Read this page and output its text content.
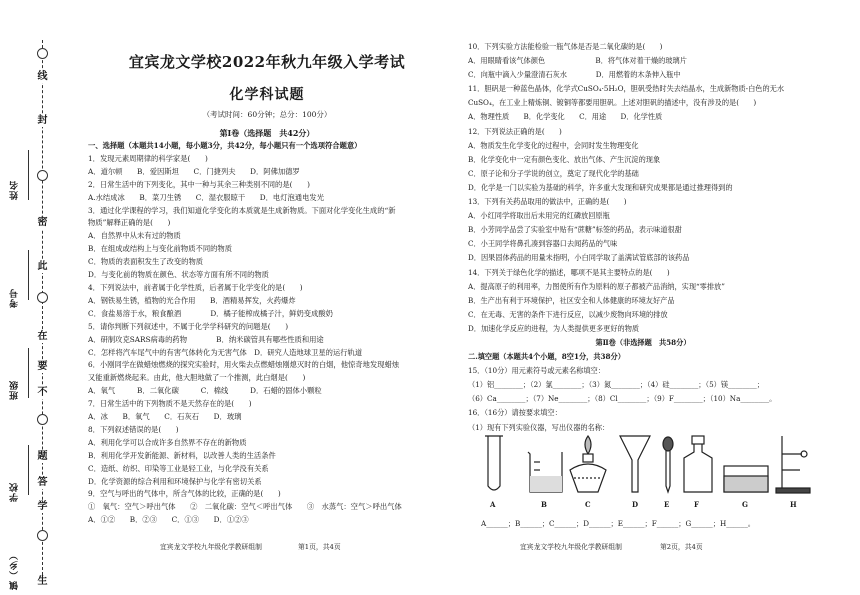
线
封
密
此
在
要
不
题
答
学
生
姓名
考号
班级
学校
镇（乡）
宜宾龙文学校2022年秋九年级入学考试
化学科试题
（考试时间：60分钟；总分：100分）
第Ⅰ卷（选择题　共42分）
一、选择题（本题共14小题，每小题3分，共42分，每小题只有一个选项符合题意）
1．发现元素周期律的科学家是(　　)
A．道尔顿　　B．爱因斯坦　　C．门捷列夫　　D．阿佛加德罗
2．日常生活中的下列变化，其中一种与其余三种类别不同的是(　　)
A.水结成冰　　B．菜刀生锈　　C．湿衣服晾干　　D．电灯泡通电发光
3．通过化学课程的学习，我们知道化学变化的本质就是生成新物质。下面对化学变化生成的“新
物质”解释正确的是(　　)
A．自然界中从未有过的物质
B．在组成或结构上与变化前物质不同的物质
C．物质的表面积发生了改变的物质
D．与变化前的物质在颜色、状态等方面有所不同的物质
4．下列说法中，前者属于化学性质，后者属于化学变化的是(　　)
A．钢铁易生锈，植物的光合作用　　B．酒精易挥发，火药爆炸
C．食盐易溶于水，粮食酿酒　　　　D．橘子能榨成橘子汁，鲜奶变成酸奶
5．请你判断下列叙述中，不属于化学学科研究的问题是(　　)
A．研制攻克SARS病毒的药物　　　　B．纳米碳管具有哪些性质和用途
C．怎样将汽车尾气中的有害气体转化为无害气体　D．研究人造地球卫星的运行轨道
6．小刚同学在做蜡烛燃烧的探究实验时，用火柴去点燃蜡烛刚熄灭时的白烟，他惊奇地发现蜡烛
又能重新燃烧起来。由此，他大胆地做了一个推测，此白烟是(　　)
A．氧气　　　B．二氧化碳　　　C．棉线　　　D．石蜡的固体小颗粒
7．日常生活中的下列物质不是天然存在的是(　　)
A．冰　　B．氧气　　C．石灰石　　D．玻璃
8．下列叙述错误的是(　　)
A．利用化学可以合成许多自然界不存在的新物质
B．利用化学开发新能源、新材料，以改善人类的生活条件
C．造纸、纺织、印染等工业是轻工业，与化学没有关系
D．化学资源的综合利用和环境保护与化学有密切关系
9．空气与呼出的气体中，所含气体的比较，正确的是(　　)
①　氧气：空气＞呼出气体　　②　二氧化碳：空气＜呼出气体　　③　水蒸气：空气＞呼出气体
A．①②　　B．②③　　C．①③　　D．①②③
宜宾龙文学校九年级化学教研组制	第1页，共4页
10．下列实验方法能检验一瓶气体是否是二氧化碳的是(　　)
A．用眼睛看该气体颜色　　　　　　　B．将气体对着干燥的玻璃片
C．向瓶中滴入少量澄清石灰水　　　　D．用燃着的木条伸入瓶中
11．胆矾是一种蓝色晶体，化学式CuSO₄·5H₂O，胆矾受热时失去结晶水，生成新物质-白色的无水
CuSO₄，在工业上精炼铜、镀铜等都要用胆矾。上述对胆矾的描述中，没有涉及的是(　　)
A．物理性质　　B．化学变化　　C．用途　　D．化学性质
12．下列说法正确的是(　　)
A．物质发生化学变化的过程中，会同时发生物理变化
B．化学变化中一定有颜色变化、放出气体、产生沉淀的现象
C．原子论和分子学说的创立，奠定了现代化学的基础
D．化学是一门以实验为基础的科学，许多重大发现和研究成果都是通过推理得到的
13．下列有关药品取用的做法中，正确的是(　　)
A．小红同学将取出后未用完的红磷放回原瓶
B．小芳同学品尝了实验室中贴有“蔗糖”标签的药品，表示味道很甜
C．小王同学将鼻孔凑到容器口去闻药品的气味
D．因果固体药品的用量未指明，小白同学取了盖满试管底部的该药品
14．下列关于绿色化学的描述，哪项不是其主要特点的是(　　)
A．提高原子的利用率，力图使所有作为原料的原子都被产品消纳，实现“零排放”
B．生产出有利于环境保护，社区安全和人体健康的环境友好产品
C．在无毒、无害的条件下进行反应，以减少废物向环境的排放
D．加速化学反应的进程，为人类提供更多更好的物质
第Ⅱ卷（非选择题　共58分）
二.填空题（本题共4个小题，8空1分，共38分）
15．（10分）用元素符号或元素名称填空：
（1）铝________；（2）氯________；（3）氮________；（4）硅________；（5）镁________；
（6）Ca________；（7）Ne________；（8）Cl________；（9）F________；（10）Na________。
16．（16分）请按要求填空：
（1）现有下列实验仪器，写出仪器的名称：
A	B	C	D	E	F	G	H
A______；B______；C______；D______；E______；F______；G______；H______。
宜宾龙文学校九年级化学教研组制	第2页，共4页
